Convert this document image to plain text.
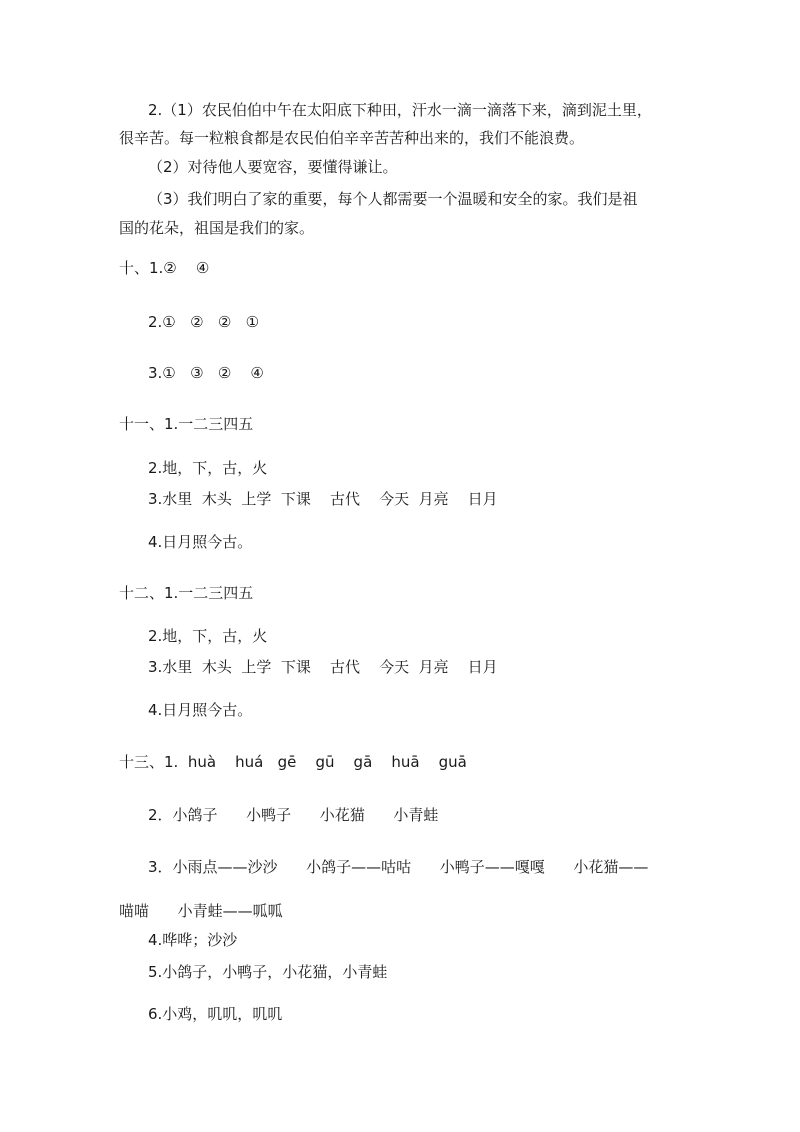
2.（1）农民伯伯中午在太阳底下种田，汗水一滴一滴落下来，滴到泥土里，

很辛苦。每一粒粮食都是农民伯伯辛辛苦苦种出来的，我们不能浪费。

（2）对待他人要宽容，要懂得谦让。

（3）我们明白了家的重要，每个人都需要一个温暖和安全的家。我们是祖

国的花朵，祖国是我们的家。

十、1.②    ④

2.①   ②   ②   ①

3.①   ③   ②    ④

十一、1.一二三四五

2.地，下，古，火

3.水里  木头  上学  下课    古代    今天  月亮    日月

4.日月照今古。

十二、1.一二三四五

2.地，下，古，火

3.水里  木头  上学  下课    古代    今天  月亮    日月

4.日月照今古。

十三、1.  huà    huá   gē    gū    gā    huā    guā

2．小鸽子      小鸭子      小花猫      小青蛙

3．小雨点——沙沙      小鸽子——咕咕      小鸭子——嘎嘎      小花猫——

喵喵      小青蛙——呱呱

4.哗哗；沙沙

5.小鸽子，小鸭子，小花猫，小青蛙

6.小鸡，叽叽，叽叽
